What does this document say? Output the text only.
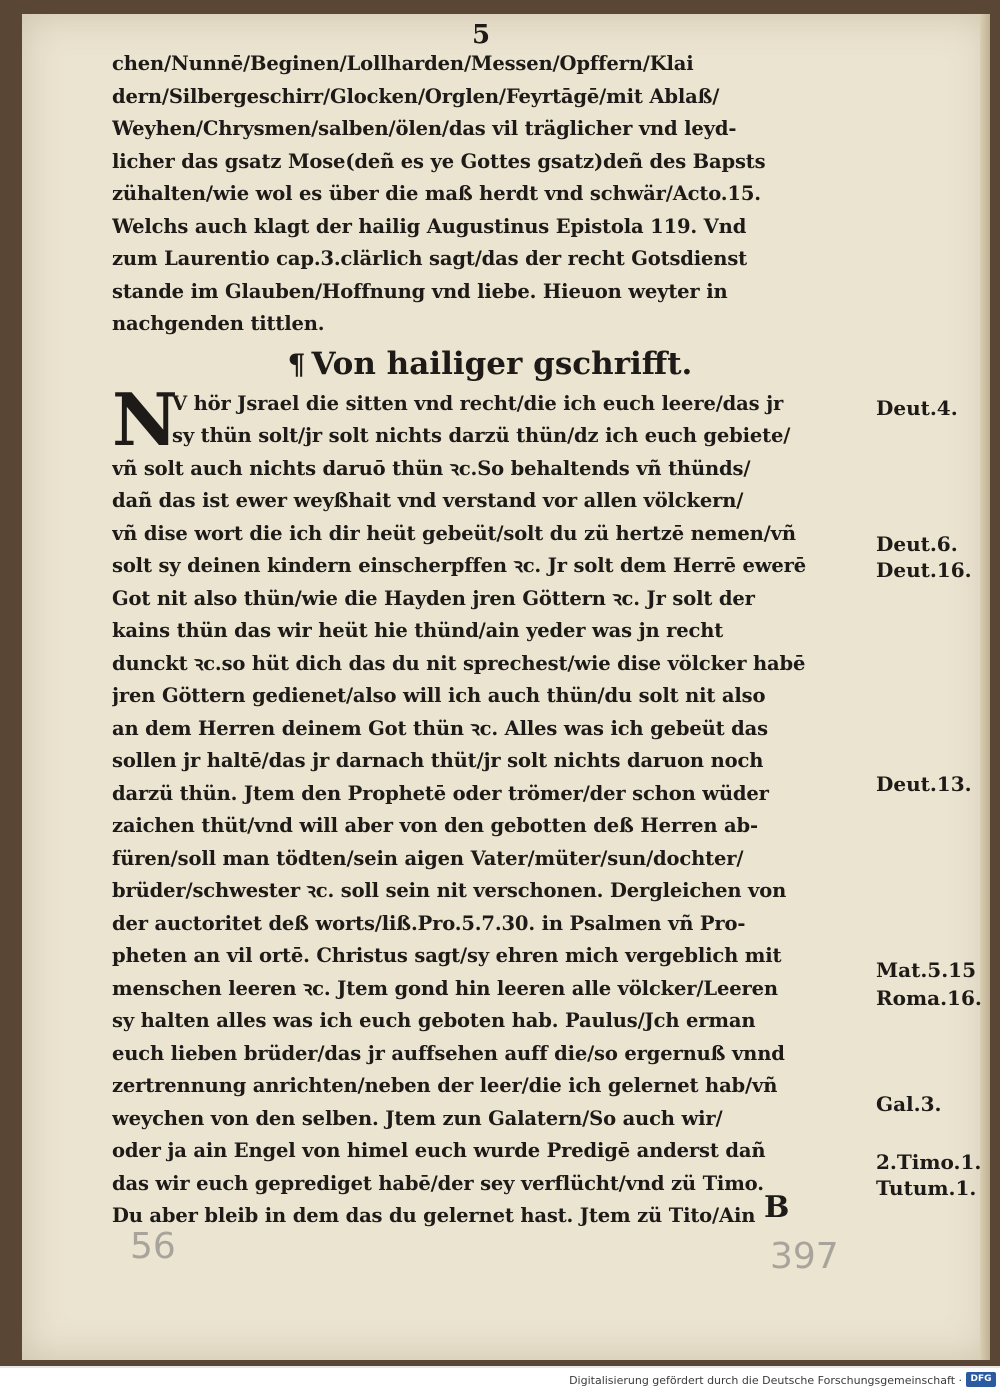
5
chen/Nunnē/Beginen/Lollharden/Messen/Opffern/Klai
dern/Silbergeschirr/Glocken/Orglen/Feyrtāgē/mit Ablaß/
Weyhen/Chrysmen/salben/ölen/das vil träglicher vnd leyd-
licher das gsatz Mose(deñ es ye Gottes gsatz)deñ des Bapsts
zühalten/wie wol es über die maß herdt vnd schwär/Acto.15.
Welchs auch klagt der hailig Augustinus Epistola 119. Vnd
zum Laurentio cap.3.clärlich sagt/das der recht Gotsdienst
stande im Glauben/Hoffnung vnd liebe. Hieuon weyter in
nachgenden tittlen.
¶ Von hailiger gschrifft.
N
V hör Jsrael die sitten vnd recht/die ich euch leere/das jr
sy thün solt/jr solt nichts darzü thün/dz ich euch gebiete/
vñ solt auch nichts daruō thün ꝛc.So behaltends vñ thünds/
dañ das ist ewer weyßhait vnd verstand vor allen völckern/
vñ dise wort die ich dir heüt gebeüt/solt du zü hertzē nemen/vñ
solt sy deinen kindern einscherpffen ꝛc. Jr solt dem Herrē ewerē
Got nit also thün/wie die Hayden jren Göttern ꝛc. Jr solt der
kains thün das wir heüt hie thünd/ain yeder was jn recht
dunckt ꝛc.so hüt dich das du nit sprechest/wie dise völcker habē
jren Göttern gedienet/also will ich auch thün/du solt nit also
an dem Herren deinem Got thün ꝛc. Alles was ich gebeüt das
sollen jr haltē/das jr darnach thüt/jr solt nichts daruon noch
darzü thün. Jtem den Prophetē oder trömer/der schon wüder
zaichen thüt/vnd will aber von den gebotten deß Herren ab-
füren/soll man tödten/sein aigen Vater/müter/sun/dochter/
brüder/schwester ꝛc. soll sein nit verschonen. Dergleichen von
der auctoritet deß worts/liß.Pro.5.7.30. in Psalmen vñ Pro-
pheten an vil ortē. Christus sagt/sy ehren mich vergeblich mit
menschen leeren ꝛc. Jtem gond hin leeren alle völcker/Leeren
sy halten alles was ich euch geboten hab. Paulus/Jch erman
euch lieben brüder/das jr auffsehen auff die/so ergernuß vnnd
zertrennung anrichten/neben der leer/die ich gelernet hab/vñ
weychen von den selben. Jtem zun Galatern/So auch wir/
oder ja ain Engel von himel euch wurde Predigē anderst dañ
das wir euch geprediget habē/der sey verflücht/vnd zü Timo.
Du aber bleib in dem das du gelernet hast. Jtem zü Tito/Ain
Deut.4.
Deut.6.
Deut.16.
Deut.13.
Mat.5.15
Roma.16.
Gal.3.
2.Timo.1.
Tutum.1.
B
56	397
Digitalisierung gefördert durch die Deutsche Forschungsgemeinschaft · DFG
